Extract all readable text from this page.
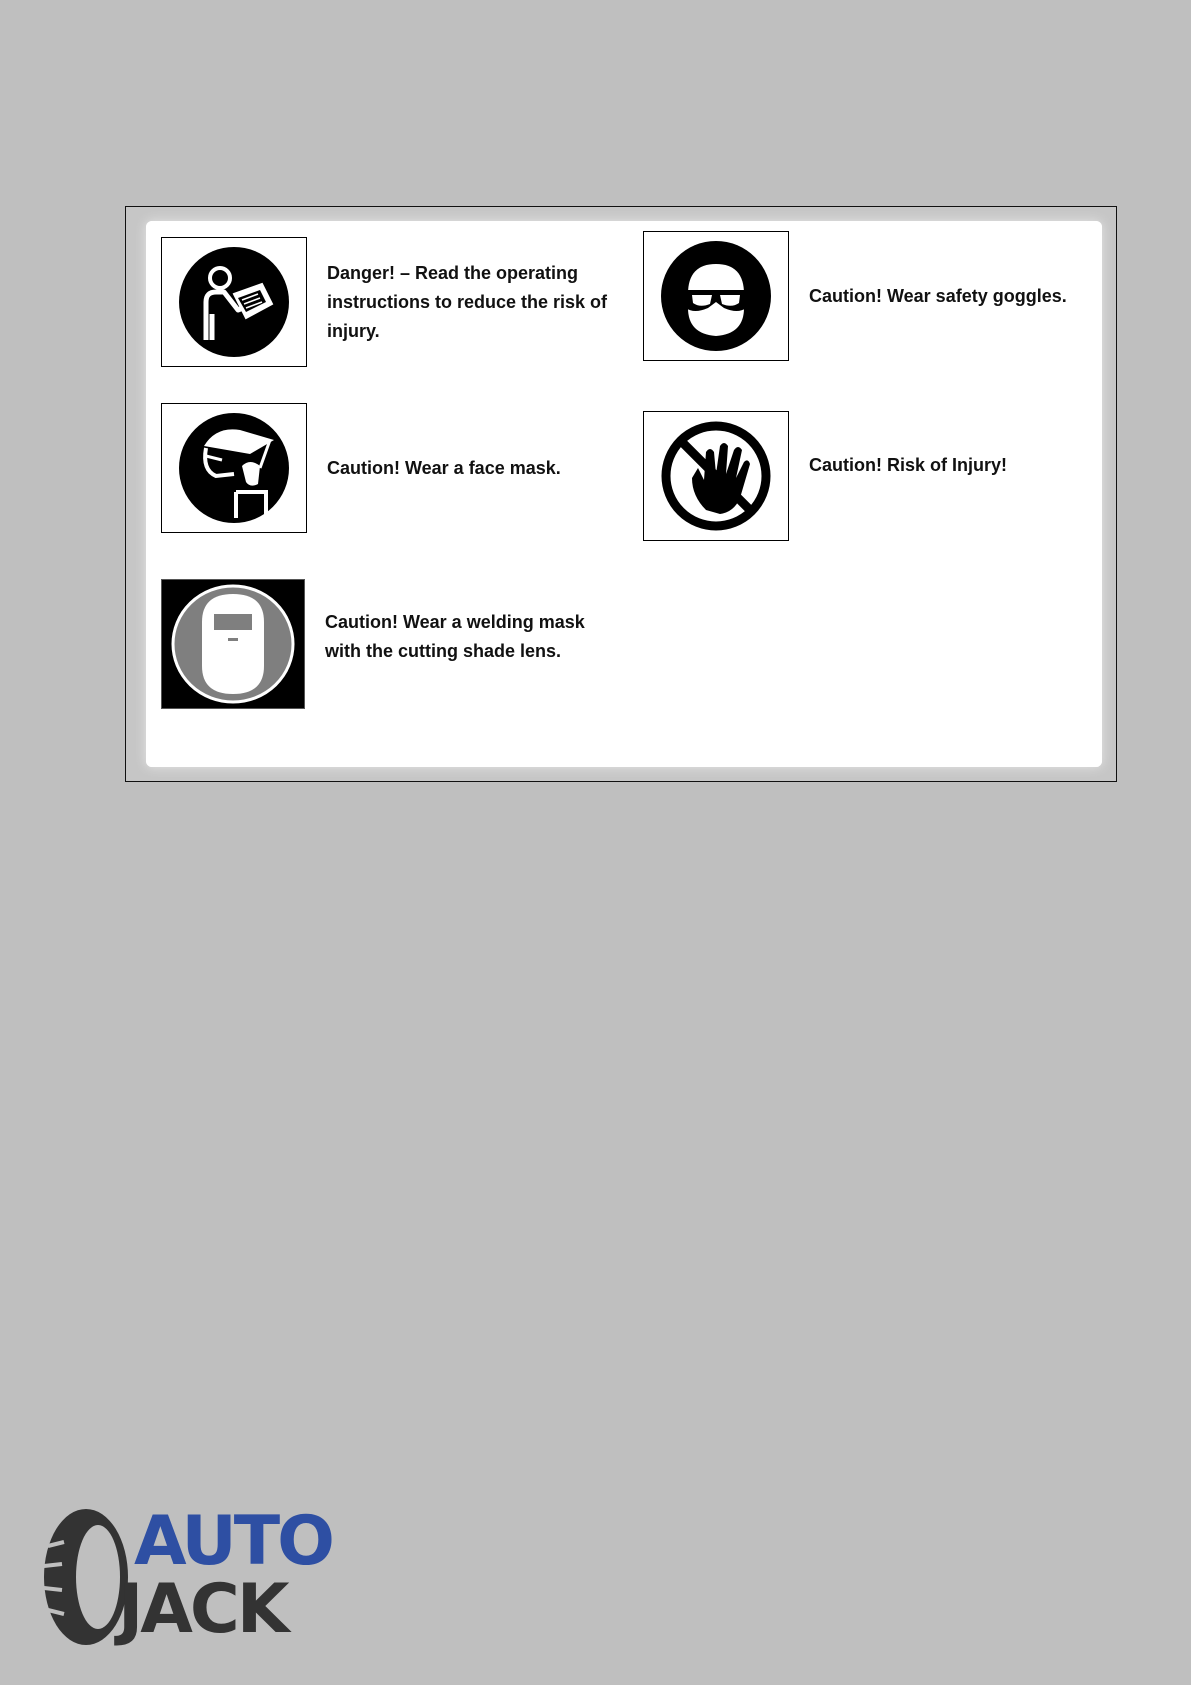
Danger! – Read the operating instructions to reduce the risk of injury.
Caution! Wear safety goggles.
Caution! Wear a face mask.	Caution! Risk of Injury!
Caution! Wear a welding mask with the cutting shade lens.
AUTO
JACK
